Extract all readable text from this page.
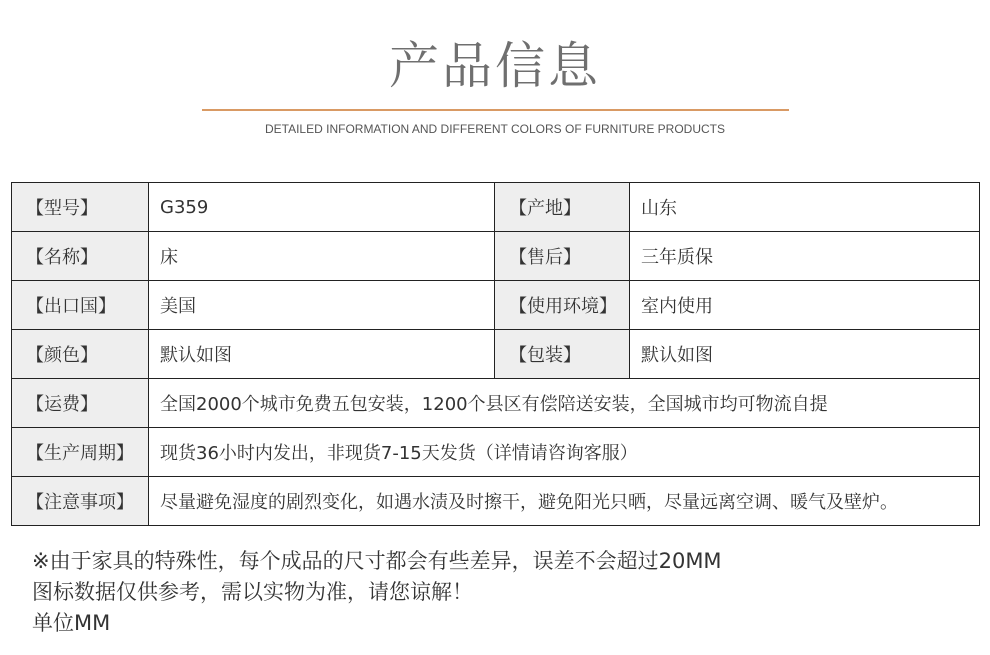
产品信息
DETAILED INFORMATION AND DIFFERENT COLORS OF FURNITURE PRODUCTS
【型号】	G359	【产地】	山东
【名称】	床	【售后】	三年质保
【出口国】	美国	【使用环境】	室内使用
【颜色】	默认如图	【包装】	默认如图
【运费】	全国2000个城市免费五包安装，1200个县区有偿陪送安装，全国城市均可物流自提		
【生产周期】	现货36小时内发出，非现货7-15天发货（详情请咨询客服）		
【注意事项】	尽量避免湿度的剧烈变化，如遇水渍及时擦干，避免阳光只晒，尽量远离空调、暖气及壁炉。		
※由于家具的特殊性，每个成品的尺寸都会有些差异，误差不会超过20MM
图标数据仅供参考，需以实物为准，请您谅解！
单位MM
